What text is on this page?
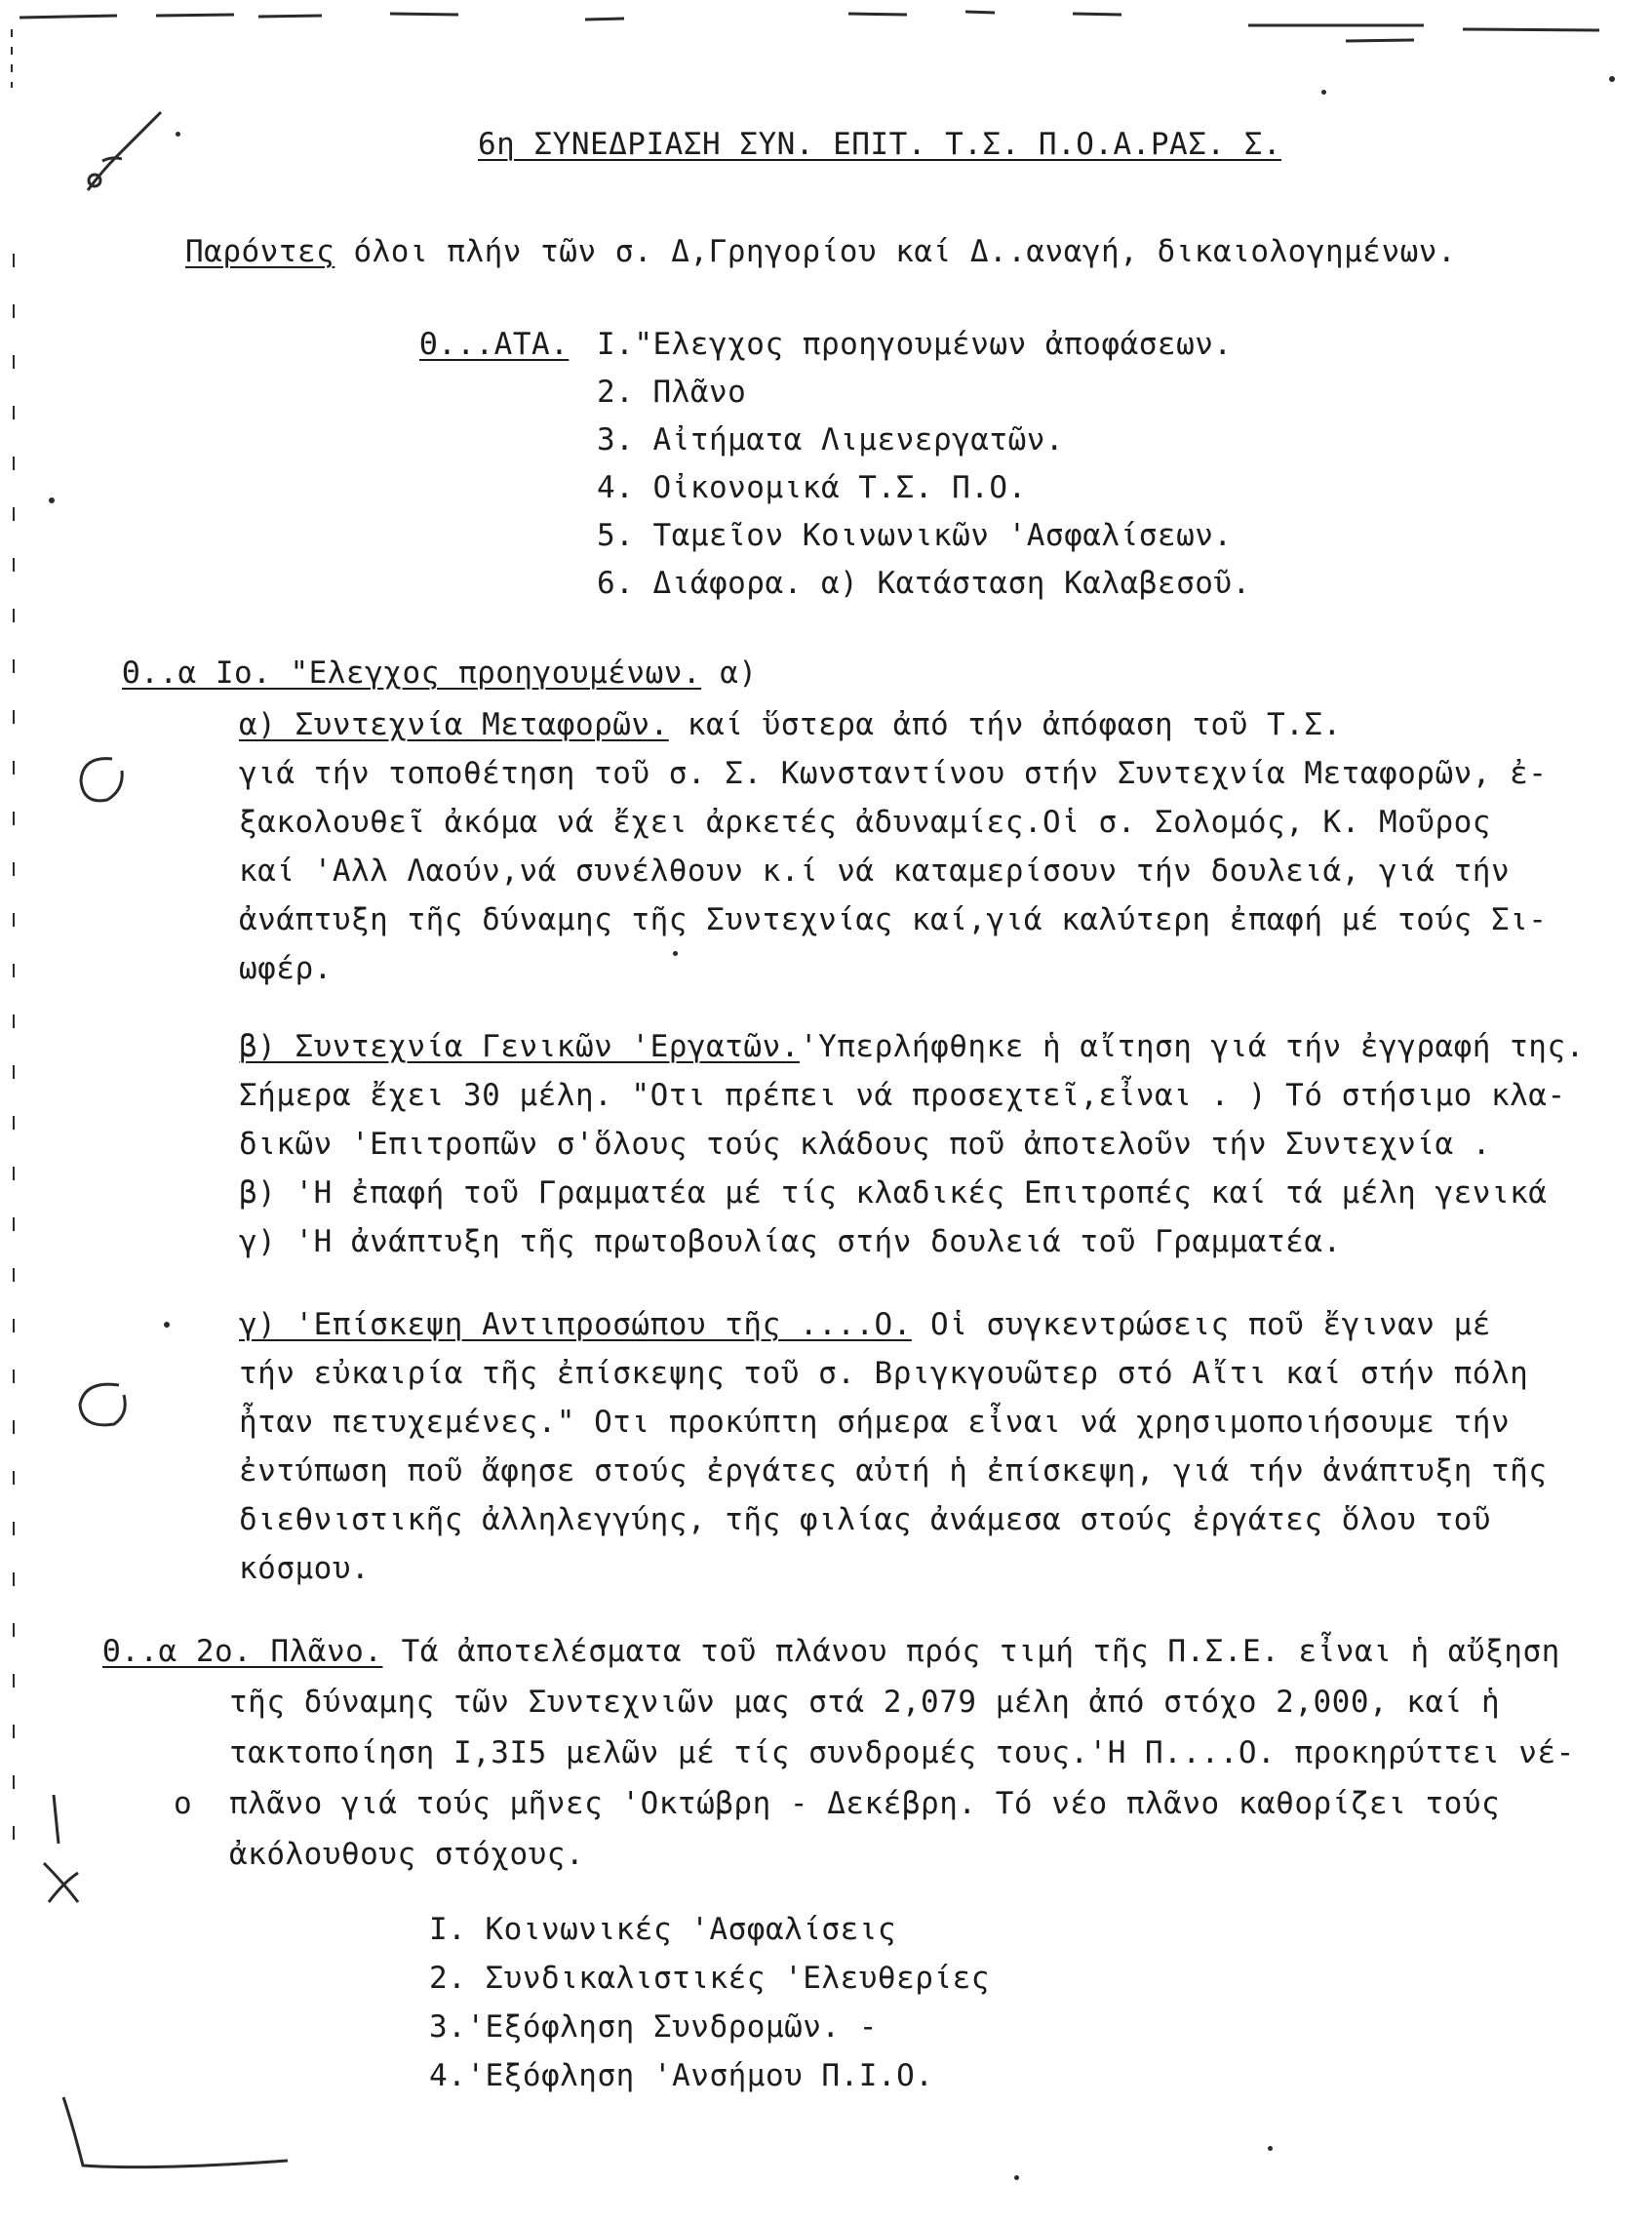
6η ΣΥΝΕΔΡΙΑΣΗ ΣΥΝ. ΕΠΙΤ. Τ.Σ. Π.Ο.Α.ΡΑΣ. Σ.
Παρόντες όλοι πλήν τῶν σ. Δ,Γρηγορίου καί Δ..αναγή, δικαιολογημένων.
Θ...ΑΤΑ. I."Ελεγχος προηγουμένων ἀποφάσεων.
2. Πλᾶνο
3. Αἰτήματα Λιμενεργατῶν.
4. Οἰκονομικά Τ.Σ. Π.Ο.
5. Ταμεῖον Κοινωνικῶν 'Ασφαλίσεων.
6. Διάφορα. α) Κατάσταση Καλαβεσοῦ.
Θ..α Ιο. "Ελεγχος προηγουμένων. α)
α) Συντεχνία Μεταφορῶν. καί ὕστερα ἀπό τήν ἀπόφαση τοῦ Τ.Σ.
γιά τήν τοποθέτηση τοῦ σ. Σ. Κωνσταντίνου στήν Συντεχνία Μεταφορῶν, ἐ-
ξακολουθεῖ ἀκόμα νά ἔχει ἀρκετές ἀδυναμίες.Οἱ σ. Σολομός, Κ. Μοῦρος
καί 'Αλλ Λαούν,νά συνέλθουν κ.ί νά καταμερίσουν τήν δουλειά, γιά τήν
ἀνάπτυξη τῆς δύναμης τῆς Συντεχνίας καί,γιά καλύτερη ἐπαφή μέ τούς Σι-
ωφέρ.
β) Συντεχνία Γενικῶν 'Εργατῶν.'Υπερλήφθηκε ἡ αἴτηση γιά τήν ἐγγραφή της.
Σήμερα ἔχει 30 μέλη. "Οτι πρέπει νά προσεχτεῖ,εἶναι . ) Τό στήσιμο κλα-
δικῶν 'Επιτροπῶν σ'ὅλους τούς κλάδους ποῦ ἀποτελοῦν τήν Συντεχνία .
β) 'Η ἐπαφή τοῦ Γραμματέα μέ τίς κλαδικές Επιτροπές καί τά μέλη γενικά
γ) 'Η ἀνάπτυξη τῆς πρωτοβουλίας στήν δουλειά τοῦ Γραμματέα.
γ) 'Επίσκεψη Αντιπροσώπου τῆς ....Ο. Οἱ συγκεντρώσεις ποῦ ἔγιναν μέ
τήν εὐκαιρία τῆς ἐπίσκεψης τοῦ σ. Βριγκγουῶτερ στό Αἴτι καί στήν πόλη
ἦταν πετυχεμένες." Οτι προκύπτη σήμερα εἶναι νά χρησιμοποιήσουμε τήν
ἐντύπωση ποῦ ἄφησε στούς ἐργάτες αὐτή ἡ ἐπίσκεψη, γιά τήν ἀνάπτυξη τῆς
διεθνιστικῆς ἀλληλεγγύης, τῆς φιλίας ἀνάμεσα στούς ἐργάτες ὅλου τοῦ
κόσμου.
Θ..α 2ο. Πλᾶνο. Τά ἀποτελέσματα τοῦ πλάνου πρός τιμή τῆς Π.Σ.Ε. εἶναι ἡ αὔξηση
τῆς δύναμης τῶν Συντεχνιῶν μας στά 2,079 μέλη ἀπό στόχο 2,000, καί ἡ
τακτοποίηση Ι,3Ι5 μελῶν μέ τίς συνδρομές τους.'Η Π....Ο. προκηρύττει νέ-
ο πλᾶνο γιά τούς μῆνες 'Οκτώβρη - Δεκέβρη. Τό νέο πλᾶνο καθορίζει τούς
ἀκόλουθους στόχους.
Ι. Κοινωνικές 'Ασφαλίσεις
2. Συνδικαλιστικές 'Ελευθερίες
3.'Εξόφληση Συνδρομῶν. -
4.'Εξόφληση 'Ανσήμου Π.Ι.Ο.
